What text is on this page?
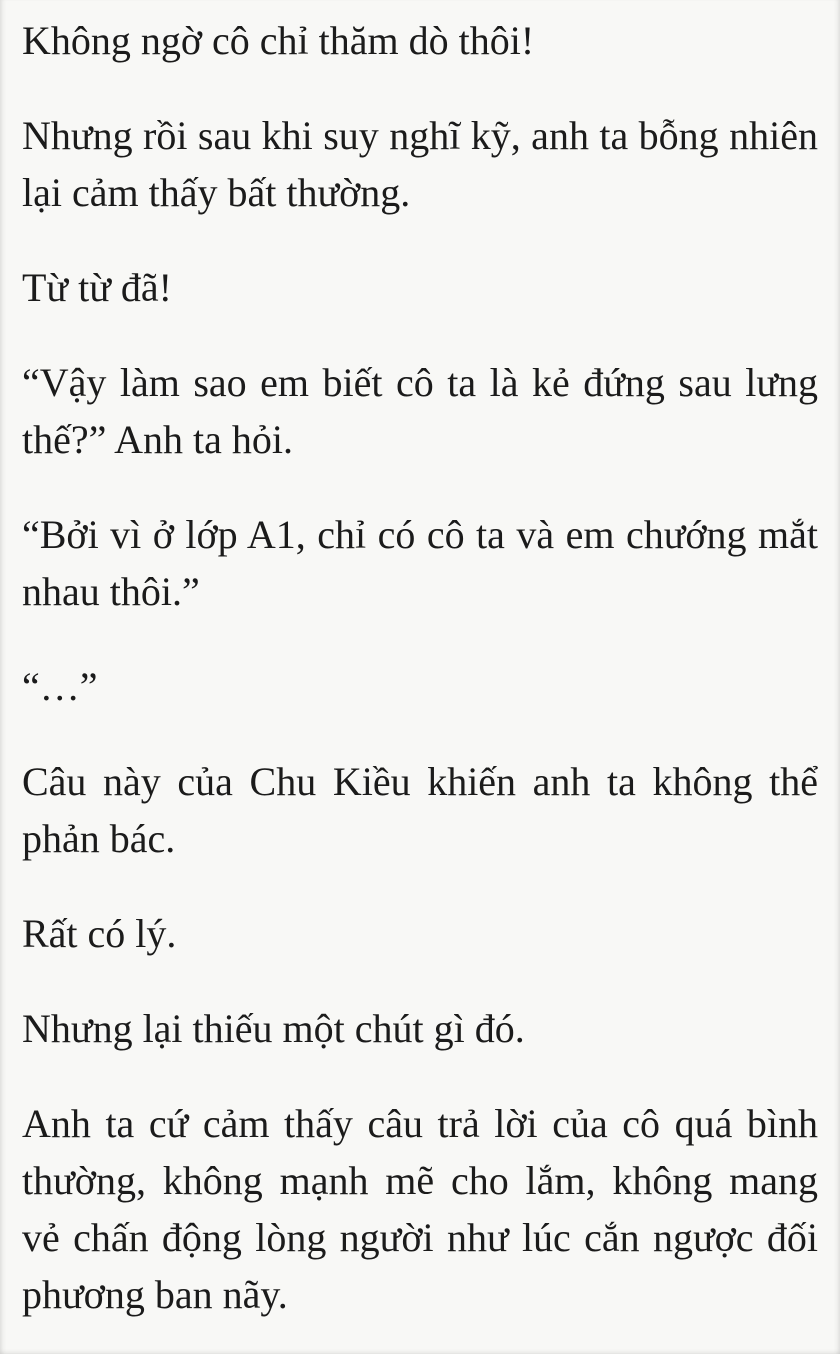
Không ngờ cô chỉ thăm dò thôi!

Nhưng rồi sau khi suy nghĩ kỹ, anh ta bỗng nhiên lại cảm thấy bất thường.

Từ từ đã!

“Vậy làm sao em biết cô ta là kẻ đứng sau lưng thế?” Anh ta hỏi.

“Bởi vì ở lớp A1, chỉ có cô ta và em chướng mắt nhau thôi.”

“…”

Câu này của Chu Kiều khiến anh ta không thể phản bác.

Rất có lý.

Nhưng lại thiếu một chút gì đó.

Anh ta cứ cảm thấy câu trả lời của cô quá bình thường, không mạnh mẽ cho lắm, không mang vẻ chấn động lòng người như lúc cắn ngược đối phương ban nãy.
